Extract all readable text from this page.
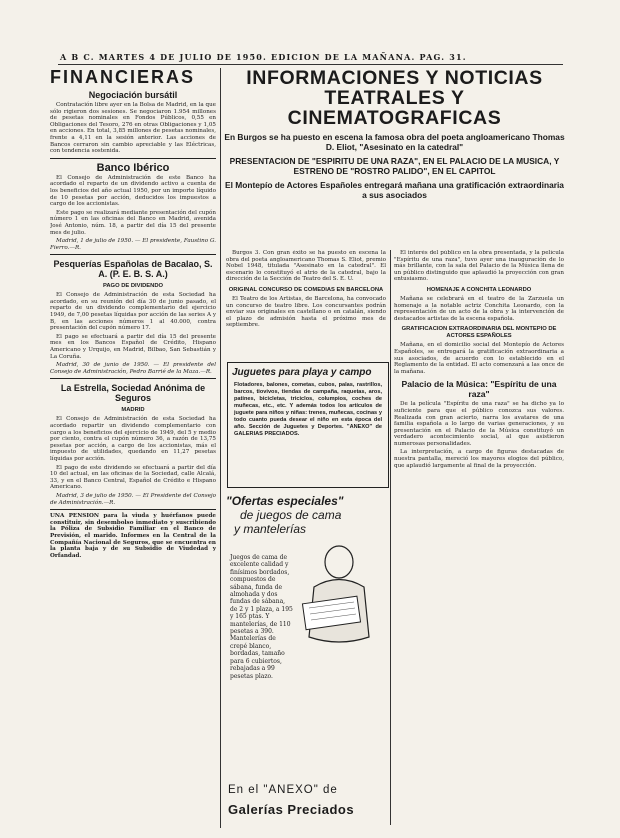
A B C. MARTES 4 DE JULIO DE 1950. EDICION DE LA MAÑANA. PAG. 31.
FINANCIERAS
Negociación bursátil

Contratación libre ayer en la Bolsa de Madrid, en la que sólo rigieron dos sesiones. Se negociaron 1.954 millones de pesetas nominales en Fondos Públicos, 0,55 en Obligaciones del Tesoro, 276 en otras Obligaciones y 1,05 en acciones. En total, 3,85 millones de pesetas nominales, frente a 4,11 en la sesión anterior. Las acciones de Bancos cerraron sin cambio apreciable y las Eléctricas, con tendencia sostenida.

Banco Ibérico

El Consejo de Administración de este Banco ha acordado el reparto de un dividendo activo a cuenta de los beneficios del año actual 1950, por un importe líquido de 10 pesetas por acción, deducidos los impuestos a cargo de los accionistas.

Este pago se realizará mediante presentación del cupón número 1 en las oficinas del Banco en Madrid, avenida José Antonio, núm. 18, a partir del día 15 del presente mes de julio.

Madrid, 1 de julio de 1950. — El presidente, Faustino G. Fierro.—R.

Pesquerías Españolas de Bacalao, S. A. (P. E. B. S. A.)
PAGO DE DIVIDENDO

El Consejo de Administración de esta Sociedad ha acordado, en su reunión del día 30 de junio pasado, el reparto de un dividendo complementario del ejercicio 1949, de 7,00 pesetas líquidas por acción de las series A y B, en las acciones números 1 al 40.000, contra presentación del cupón número 17.

El pago se efectuará a partir del día 15 del presente mes en los Bancos Español de Crédito, Hispano Americano y Urquijo, en Madrid, Bilbao, San Sebastián y La Coruña.

Madrid, 30 de junio de 1950. — El presidente del Consejo de Administración, Pedro Barrié de la Maza.—R.

La Estrella, Sociedad Anónima de Seguros
MADRID

El Consejo de Administración de esta Sociedad ha acordado repartir un dividendo complementario con cargo a los beneficios del ejercicio de 1949, del 5 y medio por ciento, contra el cupón número 36, a razón de 13,75 pesetas por acción, a cargo de los accionistas, más el impuesto de utilidades, quedando en 11,27 pesetas líquidas por acción.

El pago de este dividendo se efectuará a partir del día 10 del actual, en las oficinas de la Sociedad, calle Alcalá, 33, y en el Banco Central, Español de Crédito e Hispano Americano.

Madrid, 3 de julio de 1950. — El Presidente del Consejo de Administración.—R.

UNA PENSION para la viuda y huérfanos puede constituir, sin desembolso inmediato y suscribiendo la Póliza de Subsidio Familiar en el Banco de Previsión, el marido. Informes en la Central de la Compañía Nacional de Seguros, que se encuentra en la planta baja y de su Subsidio de Viudedad y Orfandad.

INFORMACIONES Y NOTICIAS
TEATRALES Y CINEMATOGRAFICAS
En Burgos se ha puesto en escena la famosa obra del poeta angloamericano Thomas D. Eliot, "Asesinato en la catedral"
PRESENTACION DE "ESPIRITU DE UNA RAZA", EN EL PALACIO DE LA MUSICA, Y ESTRENO DE "ROSTRO PALIDO", EN EL CAPITOL
El Montepío de Actores Españoles entregará mañana una gratificación extraordinaria a sus asociados

Burgos 3. Con gran éxito se ha puesto en escena la obra del poeta angloamericano Thomas S. Eliot, premio Nobel 1948, titulada "Asesinato en la catedral". El escenario lo constituyó el atrio de la catedral, bajo la dirección de la Sección de Teatro del S. E. U.

ORIGINAL CONCURSO DE COMEDIAS EN BARCELONA

El Teatro de los Artistas, de Barcelona, ha convocado un concurso de teatro libre. Los concursantes podrán enviar sus originales en castellano o en catalán, siendo el plazo de admisión hasta el próximo mes de septiembre.

El interés del público en la obra presentada, y la película "Espíritu de una raza", tuvo ayer una inauguración de lo más brillante, con la sala del Palacio de la Música llena de un público distinguido que aplaudió la proyección con gran entusiasmo.

HOMENAJE A CONCHITA LEONARDO

Mañana se celebrará en el teatro de la Zarzuela un homenaje a la notable actriz Conchita Leonardo, con la representación de un acto de la obra y la intervención de destacados artistas de la escena española.

GRATIFICACION EXTRAORDINARIA DEL MONTEPIO DE ACTORES ESPAÑOLES

Mañana, en el domicilio social del Montepío de Actores Españoles, se entregará la gratificación extraordinaria a sus asociados, de acuerdo con lo establecido en el Reglamento de la entidad. El acto comenzará a las once de la mañana.

Palacio de la Música: "Espíritu de una raza"

De la película "Espíritu de una raza" se ha dicho ya lo suficiente para que el público conozca sus valores. Realizada con gran acierto, narra los avatares de una familia española a lo largo de varias generaciones, y su presentación en el Palacio de la Música constituyó un verdadero acontecimiento social, al que asistieron numerosas personalidades.

La interpretación, a cargo de figuras destacadas de nuestra pantalla, mereció los mayores elogios del público, que aplaudió largamente al final de la proyección.

Juguetes para playa y campo
Flotadores, balones, cometas, cubos, palas, rastrillos, barcos, tiovivos, tiendas de campaña, raquetas, aros, patines, bicicletas, triciclos, columpios, coches de muñecas, etc., etc. Y además todos los artículos de juguete para niños y niñas: trenes, muñecas, cocinas y todo cuanto pueda desear el niño en esta época del año. Sección de Juguetes y Deportes. "ANEXO" de GALERIAS PRECIADOS.
"Ofertas especiales"
de juegos de cama
y mantelerías
Juegos de cama de excelente calidad y finísimos bordados, compuestos de sábana, funda de almohada y dos fundas de sábana, de 2 y 1 plaza, a 195 y 165 ptas. Y mantelerías, de 110 pesetas a 390. Mantelerías de crepé blanco, bordadas, tamaño para 6 cubiertos, rebajadas a 99 pesetas plazo.
En el "ANEXO" de
Galerías Preciados
